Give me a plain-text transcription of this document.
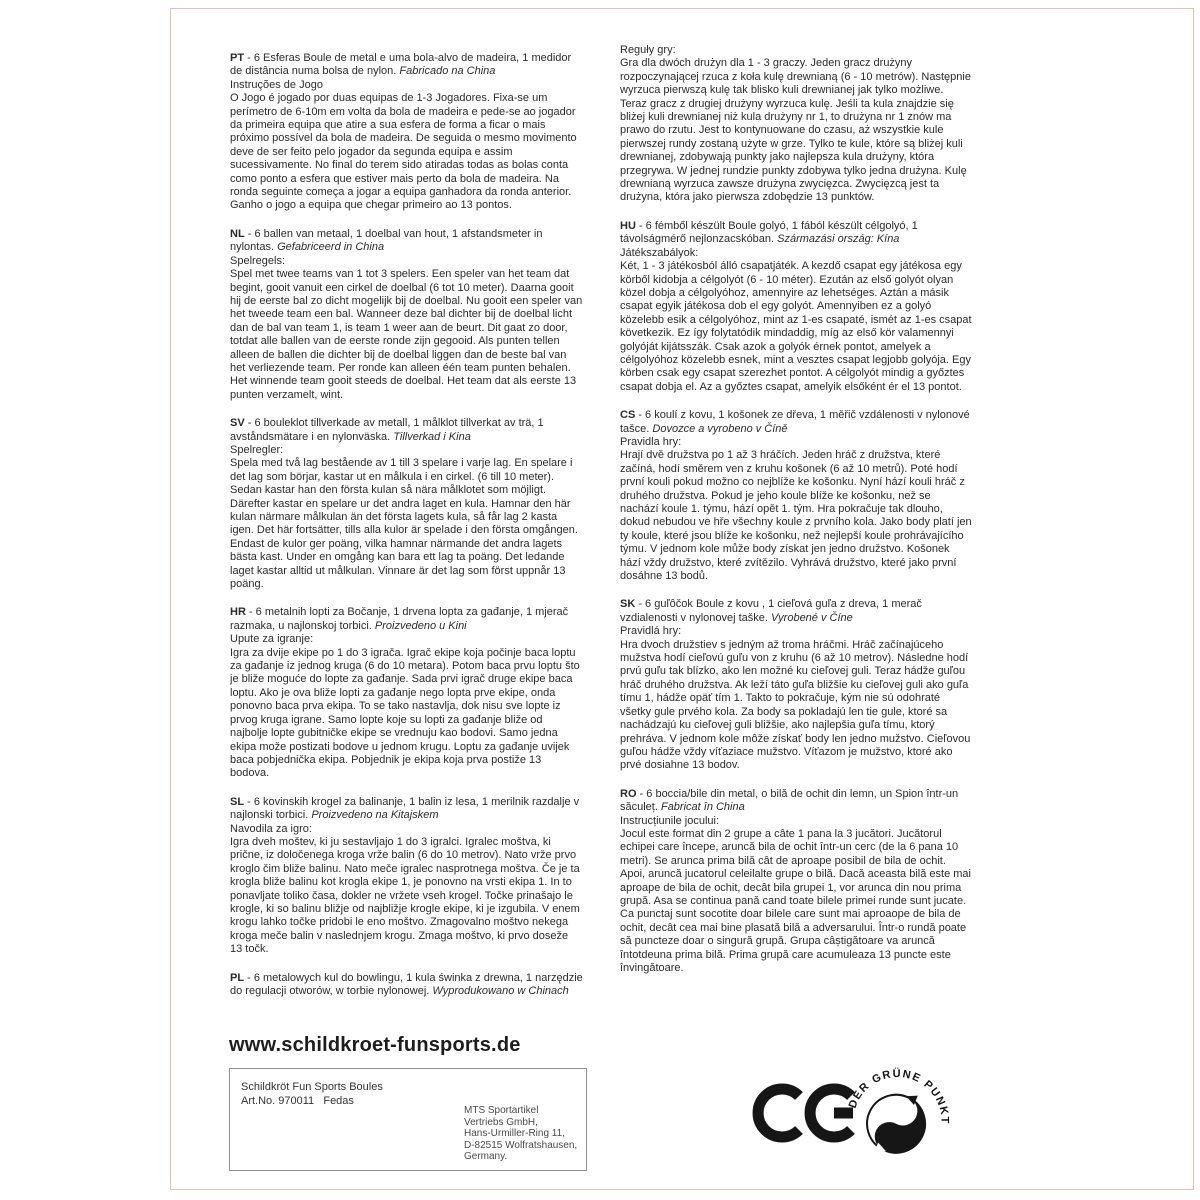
PT - 6 Esferas Boule de metal e uma bola-alvo de madeira, 1 medidor de distância numa bolsa de nylon. Fabricado na China

Instruções de Jogo

O Jogo é jogado por duas equipas de 1-3 Jogadores. Fixa-se um perímetro de 6-10m em volta da bola de madeira e pede-se ao jogador da primeira equipa que atire a sua esfera de forma a ficar o mais próximo possível da bola de madeira. De seguida o mesmo movimento deve de ser feito pelo jogador da segunda equipa e assim sucessivamente. No final do terem sido atiradas todas as bolas conta como ponto a esfera que estiver mais perto da bola de madeira. Na ronda seguinte começa a jogar a equipa ganhadora da ronda anterior. Ganho o jogo a equipa que chegar primeiro ao 13 pontos.

NL - 6 ballen van metaal, 1 doelbal van hout, 1 afstandsmeter in nylontas. Gefabriceerd in China

Spelregels:

Spel met twee teams van 1 tot 3 spelers. Een speler van het team dat begint, gooit vanuit een cirkel de doelbal (6 tot 10 meter). Daarna gooit hij de eerste bal zo dicht mogelijk bij de doelbal. Nu gooit een speler van het tweede team een bal. Wanneer deze bal dichter bij de doelbal licht dan de bal van team 1, is team 1 weer aan de beurt. Dit gaat zo door, totdat alle ballen van de eerste ronde zijn gegooid. Als punten tellen alleen de ballen die dichter bij de doelbal liggen dan de beste bal van het verliezende team. Per ronde kan alleen één team punten behalen. Het winnende team gooit steeds de doelbal. Het team dat als eerste 13 punten verzamelt, wint.

SV - 6 bouleklot tillverkade av metall, 1 målklot tillverkat av trä, 1 avståndsmätare i en nylonväska. Tillverkad i Kina

Spelregler:

Spela med två lag bestående av 1 till 3 spelare i varje lag. En spelare i det lag som börjar, kastar ut en målkula i en cirkel. (6 till 10 meter). Sedan kastar han den första kulan så nära målklotet som möjligt. Därefter kastar en spelare ur det andra laget en kula. Hamnar den här kulan närmare målkulan än det första lagets kula, så får lag 2 kasta igen. Det här fortsätter, tills alla kulor är spelade i den första omgången. Endast de kulor ger poäng, vilka hamnar närmande det andra lagets bästa kast. Under en omgång kan bara ett lag ta poäng. Det ledande laget kastar alltid ut målkulan. Vinnare är det lag som först uppnår 13 poäng.

HR - 6 metalnih lopti za Bočanje, 1 drvena lopta za gađanje, 1 mjerač razmaka, u najlonskoj torbici. Proizvedeno u Kini

Upute za igranje:

Igra za dvije ekipe po 1 do 3 igrača. Igrač ekipe koja počinje baca loptu za gađanje iz jednog kruga (6 do 10 metara). Potom baca prvu loptu što je bliže moguće do lopte za gađanje. Sada prvi igrač druge ekipe baca loptu. Ako je ova bliže lopti za gađanje nego lopta prve ekipe, onda ponovno baca prva ekipa. To se tako nastavlja, dok nisu sve lopte iz prvog kruga igrane. Samo lopte koje su lopti za gađanje bliže od najbolje lopte gubitničke ekipe se vrednuju kao bodovi. Samo jedna ekipa može postizati bodove u jednom krugu. Loptu za gađanje uvijek baca pobjednička ekipa. Pobjednik je ekipa koja prva postiže 13 bodova.

SL - 6 kovinskih krogel za balinanje, 1 balin iz lesa, 1 merilnik razdalje v najlonski torbici. Proizvedeno na Kitajskem

Navodila za igro:

Igra dveh moštev, ki ju sestavljajo 1 do 3 igralci. Igralec moštva, ki prične, iz določenega kroga vrže balin (6 do 10 metrov). Nato vrže prvo kroglo čim bliže balinu. Nato meče igralec nasprotnega moštva. Če je ta krogla bliže balinu kot krogla ekipe 1, je ponovno na vrsti ekipa 1. In to ponavljate toliko časa, dokler ne vržete vseh krogel. Točke prinašajo le krogle, ki so balinu bližje od najbližje krogle ekipe, ki je izgubila. V enem krogu lahko točke pridobi le eno moštvo. Zmagovalno moštvo nekega kroga meče balin v naslednjem krogu. Zmaga moštvo, ki prvo doseže 13 točk.

PL - 6 metalowych kul do bowlingu, 1 kula świnka z drewna, 1 narzędzie do regulacji otworów, w torbie nylonowej. Wyprodukowano w Chinach

Reguły gry:

Gra dla dwóch drużyn dla 1 - 3 graczy. Jeden gracz drużyny rozpoczynającej rzuca z koła kulę drewnianą (6 - 10 metrów). Następnie wyrzuca pierwszą kulę tak blisko kuli drewnianej jak tylko możliwe. Teraz gracz z drugiej drużyny wyrzuca kulę. Jeśli ta kula znajdzie się bliżej kuli drewnianej niż kula drużyny nr 1, to drużyna nr 1 znów ma prawo do rzutu. Jest to kontynuowane do czasu, aż wszystkie kule pierwszej rundy zostaną użyte w grze. Tylko te kule, które są bliżej kuli drewnianej, zdobywają punkty jako najlepsza kula drużyny, która przegrywa. W jednej rundzie punkty zdobywa tylko jedna drużyna. Kulę drewnianą wyrzuca zawsze drużyna zwycięzca. Zwycięzcą jest ta drużyna, która jako pierwsza zdobędzie 13 punktów.

HU - 6 fémből készült Boule golyó, 1 fából készült célgolyó, 1 távolságmérő nejlonzacskóban. Származási ország: Kína

Játékszabályok:

Két, 1 - 3 játékosból álló csapatjáték. A kezdő csapat egy játékosa egy körből kidobja a célgolyót (6 - 10 méter). Ezután az első golyót olyan közel dobja a célgolyóhoz, amennyire az lehetséges. Aztán a másik csapat egyik játékosa dob el egy golyót. Amennyiben ez a golyó közelebb esik a célgolyóhoz, mint az 1-es csapaté, ismét az 1-es csapat következik. Ez így folytatódik mindaddig, míg az első kör valamennyi golyóját kijátsszák. Csak azok a golyók érnek pontot, amelyek a célgolyóhoz közelebb esnek, mint a vesztes csapat legjobb golyója. Egy körben csak egy csapat szerezhet pontot. A célgolyót mindig a győztes csapat dobja el. Az a győztes csapat, amelyik elsőként ér el 13 pontot.

CS - 6 koulí z kovu, 1 košonek ze dřeva, 1 měřič vzdálenosti v nylonové tašce. Dovozce a vyrobeno v Číně

Pravidla hry:

Hrají dvě družstva po 1 až 3 hráčích. Jeden hráč z družstva, které začíná, hodí směrem ven z kruhu košonek (6 až 10 metrů). Poté hodí první kouli pokud možno co nejblíže ke košonku. Nyní hází kouli hráč z druhého družstva. Pokud je jeho koule blíže ke košonku, než se nachází koule 1. týmu, hází opět 1. tým. Hra pokračuje tak dlouho, dokud nebudou ve hře všechny koule z prvního kola. Jako body platí jen ty koule, které jsou blíže ke košonku, než nejlepší koule prohrávajícího týmu. V jednom kole může body získat jen jedno družstvo. Košonek hází vždy družstvo, které zvítězilo. Vyhrává družstvo, které jako první dosáhne 13 bodů.

SK - 6 guľôčok Boule z kovu , 1 cieľová guľa z dreva, 1 merač vzdialenosti v nylonovej taške. Vyrobené v Číne

Pravidlá hry:

Hra dvoch družstiev s jedným až troma hráčmi. Hráč začínajúceho mužstva hodí cieľovú guľu von z kruhu (6 až 10 metrov). Následne hodí prvú guľu tak blízko, ako len možné ku cieľovej guli. Teraz hádže guľou hráč druhého družstva. Ak leží táto guľa bližšie ku cieľovej guli ako guľa tímu 1, hádže opäť tím 1. Takto to pokračuje, kým nie sú odohraté všetky gule prvého kola. Za body sa pokladajú len tie gule, ktoré sa nachádzajú ku cieľovej guli bližšie, ako najlepšia guľa tímu, ktorý prehráva. V jednom kole môže získať body len jedno mužstvo. Cieľovou guľou hádže vždy víťaziace mužstvo. Víťazom je mužstvo, ktoré ako prvé dosiahne 13 bodov.

RO - 6 boccia/bile din metal, o bilă de ochit din lemn, un Spion într-un săculeț. Fabricat în China

Instrucțiunile jocului:

Jocul este format din 2 grupe a câte 1 pana la 3 jucători. Jucătorul echipei care începe, aruncă bila de ochit într-un cerc (de la 6 pana 10 metri). Se arunca prima bilă cât de aproape posibil de bila de ochit. Apoi, aruncă jucatorul celeilalte grupe o bilă. Dacă aceasta bilă este mai aproape de bila de ochit, decât bila grupei 1, vor arunca din nou prima grupă. Asa se continua pană cand toate bilele primei runde sunt jucate. Ca punctaj sunt socotite doar bilele care sunt mai aproaope de bila de ochit, decât cea mai bine plasată bilă a adversarului. Într-o rundă poate să puncteze doar o singură grupă. Grupa câștigătoare va aruncă întotdeuna prima bilă. Prima grupă care acumuleaza 13 puncte este învingătoare.

www.schildkroet-funsports.de
Schildkröt Fun Sports Boules
Art.No. 970011   Fedas
MTS Sportartikel
Vertriebs GmbH,
Hans-Urmiller-Ring 11,
D-82515 Wolfratshausen,
Germany.
DER GRÜNE PUNKT
